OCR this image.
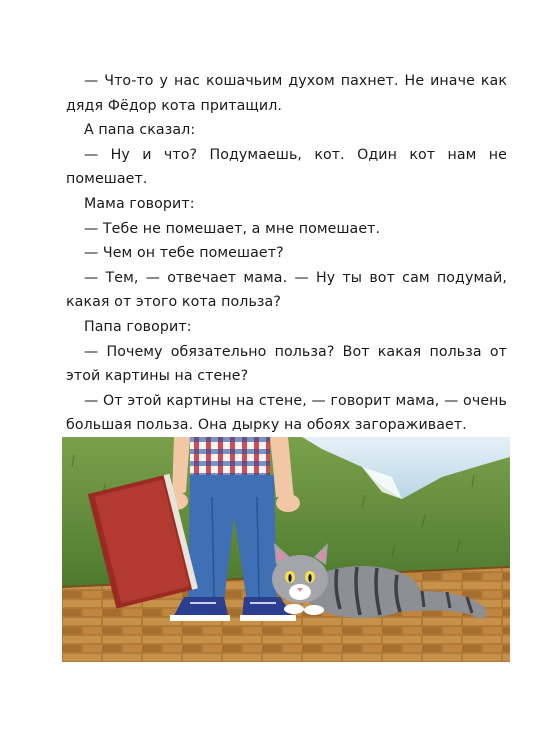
— Что-то у нас кошачьим духом пахнет. Не иначе как дядя Фёдор кота притащил.

А папа сказал:

— Ну и что? Подумаешь, кот. Один кот нам не помешает.

Мама говорит:

— Тебе не помешает, а мне помешает.

— Чем он тебе помешает?

— Тем, — отвечает мама. — Ну ты вот сам подумай, какая от этого кота польза?

Папа говорит:

— Почему обязательно польза? Вот какая польза от этой картины на стене?

— От этой картины на стене, — говорит мама, — очень большая польза. Она дырку на обоях загораживает.
